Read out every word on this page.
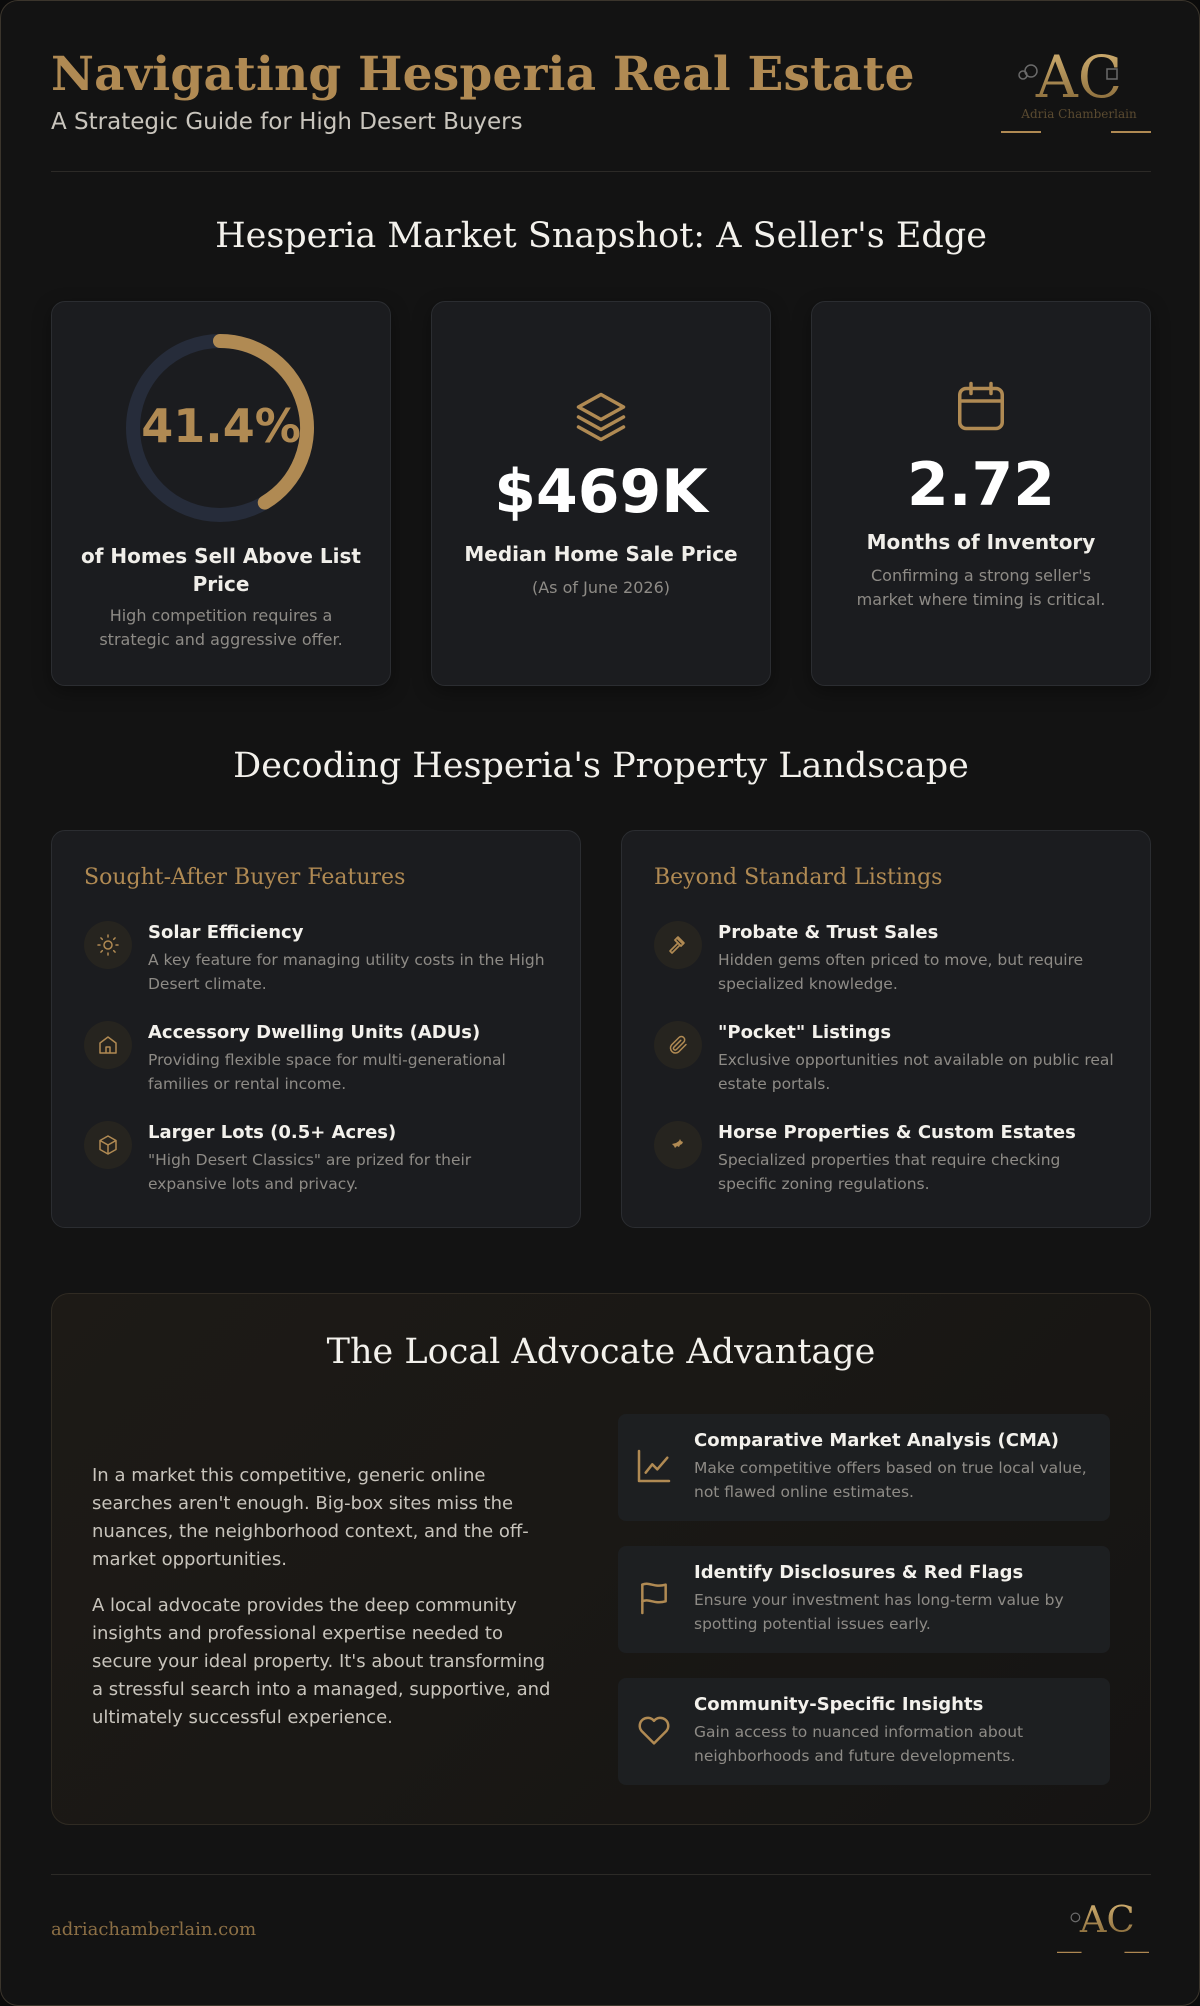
Navigating Hesperia Real Estate
A Strategic Guide for High Desert Buyers
AC
Adria Chamberlain
Hesperia Market Snapshot: A Seller's Edge
41.4%
of Homes Sell Above List Price
High competition requires a strategic and aggressive offer.
$469K
Median Home Sale Price
(As of June 2026)
2.72
Months of Inventory
Confirming a strong seller's market where timing is critical.
Decoding Hesperia's Property Landscape
Sought-After Buyer Features
Solar Efficiency
A key feature for managing utility costs in the High Desert climate.
Accessory Dwelling Units (ADUs)
Providing flexible space for multi-generational families or rental income.
Larger Lots (0.5+ Acres)
"High Desert Classics" are prized for their expansive lots and privacy.
Beyond Standard Listings
Probate & Trust Sales
Hidden gems often priced to move, but require specialized knowledge.
"Pocket" Listings
Exclusive opportunities not available on public real estate portals.
Horse Properties & Custom Estates
Specialized properties that require checking specific zoning regulations.
The Local Advocate Advantage
In a market this competitive, generic online searches aren't enough. Big-box sites miss the nuances, the neighborhood context, and the off-market opportunities.
A local advocate provides the deep community insights and professional expertise needed to secure your ideal property. It's about transforming a stressful search into a managed, supportive, and ultimately successful experience.
Comparative Market Analysis (CMA)
Make competitive offers based on true local value, not flawed online estimates.
Identify Disclosures & Red Flags
Ensure your investment has long-term value by spotting potential issues early.
Community-Specific Insights
Gain access to nuanced information about neighborhoods and future developments.
adriachamberlain.com	AC
